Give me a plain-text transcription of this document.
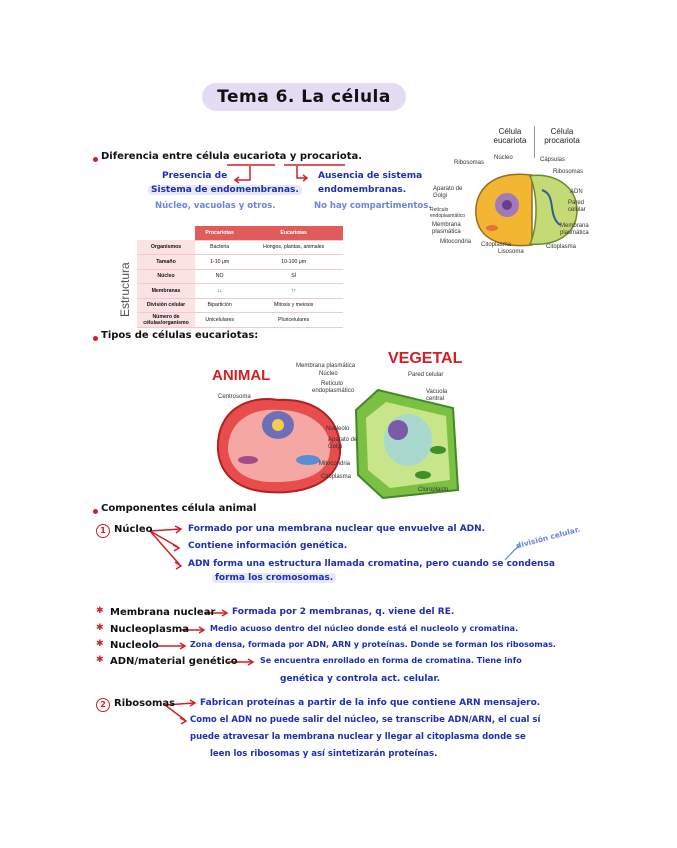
Tema 6. La célula
Diferencia entre célula eucariota y procariota.
Presencia de
Sistema de endomembranas.
Núcleo, vacuolas y otros.
Ausencia de sistema
endomembranas.
No hay compartimentos.
Estructura
	Procariotas	Eucariotas
Organismos	Bacteria	Hongos, plantas, animales
Tamaño	1-10 μm	10-100 μm
Núcleo	NO	SÍ
Membranas	↓↓	↑↑
División celular	Bipartición	Mitosis y meiosis
Número de células/organismo	Unicelulares	Pluricelulares
Célula eucariota
Célula procariota
Ribosomas
Núcleo
Aparato de Golgi
Retículo endoplasmático
Membrana plasmática
Mitocondria Citoplasma
Lisosoma
Cápsulas
Ribosomas
ADN
Pared celular
Membrana plasmática
Citoplasma
Tipos de células eucariotas:
ANIMAL
VEGETAL
Membrana plasmática
Núcleo
Retículo endoplasmático
Centrosoma
Nucleolo
Aparato de Golgi
Mitocondria
Citoplasma
Pared celular
Vacuola central
Cloroplasto
Componentes célula animal
1 Núcleo	Formado por una membrana nuclear que envuelve al ADN.
Contiene información genética.
ADN forma una estructura llamada cromatina, pero cuando se condensa
forma los cromosomas.
división celular.
✱ Membrana nuclear Formada por 2 membranas, q. viene del RE.
✱ Nucleoplasma	Medio acuoso dentro del núcleo donde está el nucleolo y cromatina.
✱ Nucleolo	Zona densa, formada por ADN, ARN y proteínas. Donde se forman los ribosomas.
✱ ADN/material genético	Se encuentra enrollado en forma de cromatina. Tiene info
genética y controla act. celular.
2 Ribosomas	Fabrican proteínas a partir de la info que contiene ARN mensajero.
Como el ADN no puede salir del núcleo, se transcribe ADN/ARN, el cual sí
puede atravesar la membrana nuclear y llegar al citoplasma donde se
leen los ribosomas y así sintetizarán proteínas.
